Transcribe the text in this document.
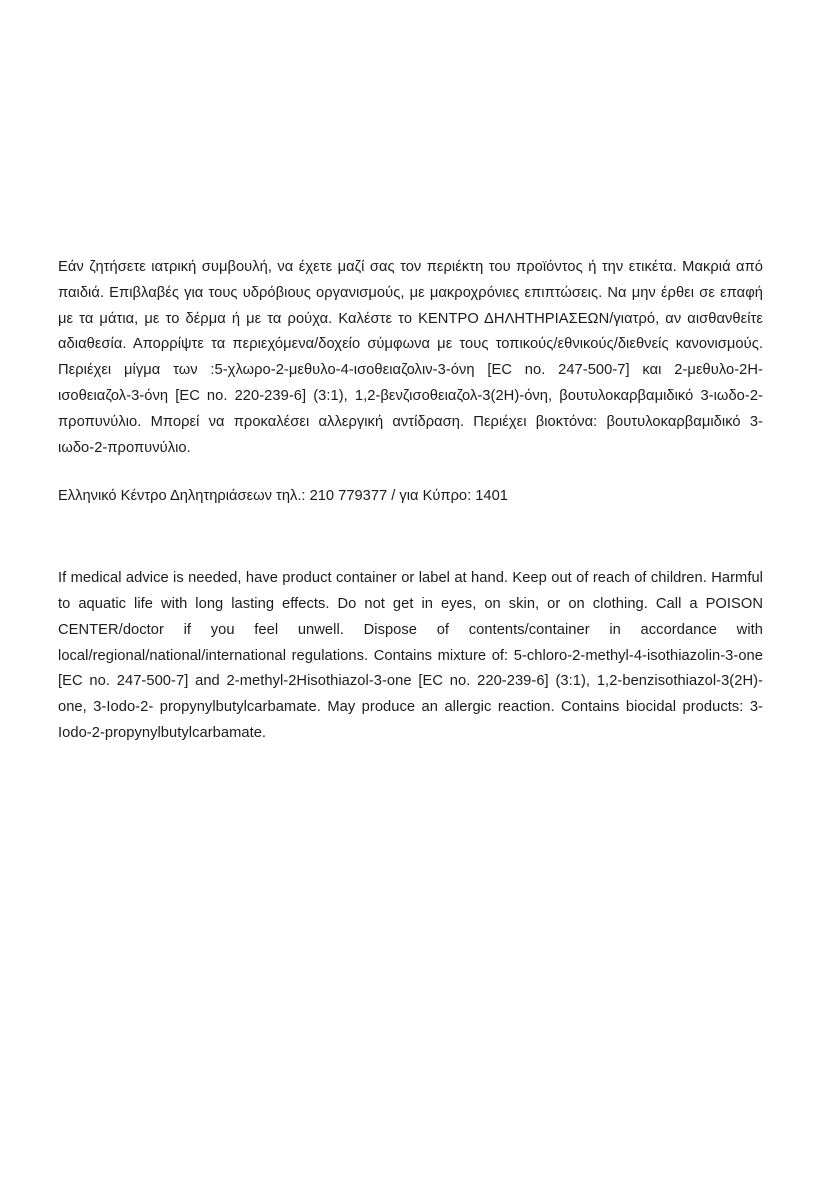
Εάν ζητήσετε ιατρική συμβουλή, να έχετε μαζί σας τον περιέκτη του προϊόντος ή την ετικέτα. Μακριά από παιδιά. Επιβλαβές για τους υδρόβιους οργανισμούς, με μακροχρόνιες επιπτώσεις. Να μην έρθει σε επαφή με τα μάτια, με το δέρμα ή με τα ρούχα. Καλέστε το ΚΕΝΤΡΟ ΔΗΛΗΤΗΡΙΑΣΕΩΝ/γιατρό, αν αισθανθείτε αδιαθεσία. Απορρίψτε τα περιεχόμενα/δοχείο σύμφωνα με τους τοπικούς/εθνικούς/διεθνείς κανονισμούς. Περιέχει μίγμα των :5-χλωρο-2-μεθυλο-4-ισοθειαζολιν-3-όνη [ΕC no. 247-500-7] και 2-μεθυλο-2Η-ισοθειαζολ-3-όνη [ΕC no. 220-239-6] (3:1), 1,2-βενζισοθειαζολ-3(2Η)-όνη, βουτυλοκαρβαμιδικό 3-ιωδο-2-προπυνύλιο. Μπορεί να προκαλέσει αλλεργική αντίδραση. Περιέχει βιοκτόνα: βουτυλοκαρβαμιδικό 3-ιωδο-2-προπυνύλιο.

Ελληνικό Κέντρο Δηλητηριάσεων τηλ.: 210 779377 / για Κύπρο: 1401

If medical advice is needed, have product container or label at hand. Keep out of reach of children. Harmful to aquatic life with long lasting effects. Do not get in eyes, on skin, or on clothing. Call a POISON CENTER/doctor if you feel unwell. Dispose of contents/container in accordance with local/regional/national/international regulations. Contains mixture of: 5-chloro-2-methyl-4-isothiazolin-3-one [EC no. 247-500-7] and 2-methyl-2Hisothiazol-3-one [EC no. 220-239-6] (3:1), 1,2-benzisothiazol-3(2H)-one, 3-Iodo-2- propynylbutylcarbamate. May produce an allergic reaction. Contains biocidal products: 3-Iodo-2-propynylbutylcarbamate.
